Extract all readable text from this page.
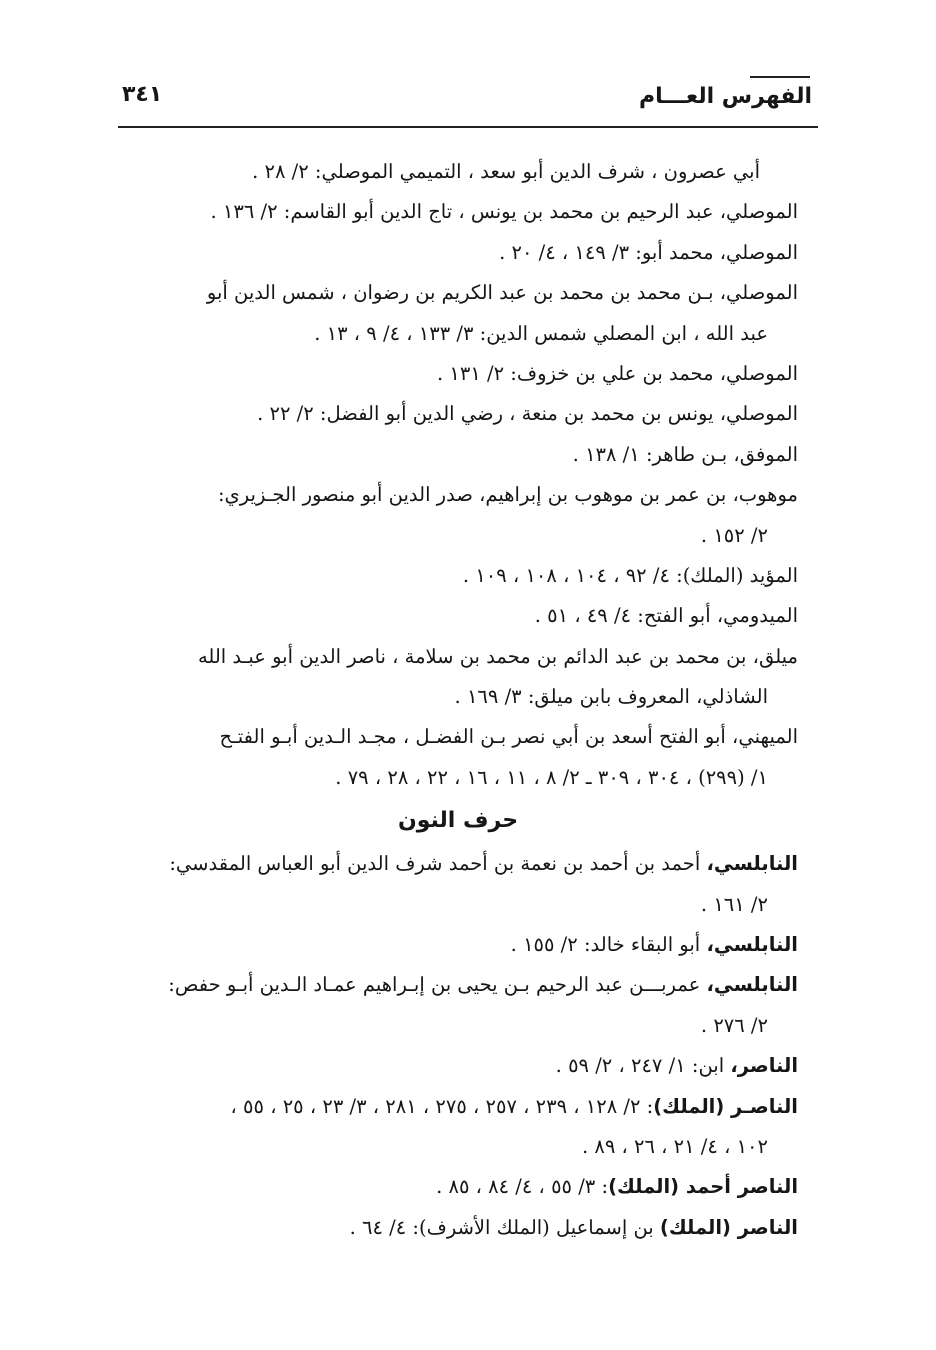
الفهرس العـــام
٣٤١
أبي عصرون ، شرف الدين أبو سعد ، التميمي الموصلي: ٢/ ٢٨ .
الموصلي، عبد الرحيم بن محمد بن يونس ، تاج الدين أبو القاسم: ٢/ ١٣٦ .
الموصلي، محمد أبو: ٣/ ١٤٩ ، ٤/ ٢٠ .
الموصلي، بـن محمد بن محمد بن عبد الكريم بن رضوان ، شمس الدين أبو
عبد الله ، ابن المصلي شمس الدين: ٣/ ١٣٣ ، ٤/ ٩ ، ١٣ .
الموصلي، محمد بن علي بن خزوف: ٢/ ١٣١ .
الموصلي، يونس بن محمد بن منعة ، رضي الدين أبو الفضل: ٢/ ٢٢ .
الموفق، بـن طاهر: ١/ ١٣٨ .
موهوب، بن عمر بن موهوب بن إبراهيم، صدر الدين أبو منصور الجـزيري:
٢/ ١٥٢ .
المؤيد (الملك): ٤/ ٩٢ ، ١٠٤ ، ١٠٨ ، ١٠٩ .
الميدومي، أبو الفتح: ٤/ ٤٩ ، ٥١ .
ميلق، بن محمد بن عبد الدائم بن محمد بن سلامة ، ناصر الدين أبو عبـد الله
الشاذلي، المعروف بابن ميلق: ٣/ ١٦٩ .
الميهني، أبو الفتح أسعد بن أبي نصر بـن الفضـل ، مجـد الـدين أبـو الفتـح
١/ (٢٩٩) ، ٣٠٤ ، ٣٠٩ ـ ٢/ ٨ ، ١١ ، ١٦ ، ٢٢ ، ٢٨ ، ٧٩ .
حرف النون
النابلسي، أحمد بن أحمد بن نعمة بن أحمد شرف الدين أبو العباس المقدسي:
٢/ ١٦١ .
النابلسي، أبو البقاء خالد: ٢/ ١٥٥ .
النابلسي، عمربـــن عبد الرحيم بـن يحيى بن إبـراهيم عمـاد الـدين أبـو حفص:
٢/ ٢٧٦ .
الناصر، ابن: ١/ ٢٤٧ ، ٢/ ٥٩ .
الناصـر (الملك): ٢/ ١٢٨ ، ٢٣٩ ، ٢٥٧ ، ٢٧٥ ، ٢٨١ ، ٣/ ٢٣ ، ٢٥ ، ٥٥ ،
١٠٢ ، ٤/ ٢١ ، ٢٦ ، ٨٩ .
الناصر أحمد (الملك): ٣/ ٥٥ ، ٤/ ٨٤ ، ٨٥ .
الناصر (الملك) بن إسماعيل (الملك الأشرف): ٤/ ٦٤ .
